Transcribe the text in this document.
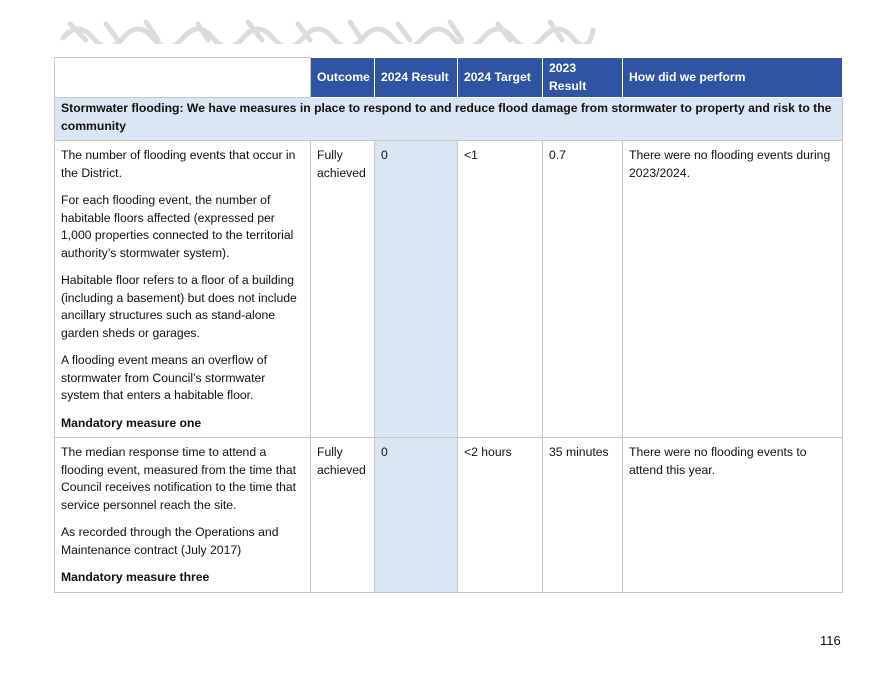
	Outcome	2024 Result	2024 Target	2023 Result	How did we perform
Stormwater flooding: We have measures in place to respond to and reduce flood damage from stormwater to property and risk to the community					

The number of flooding events that occur in the District.
For each flooding event, the number of habitable floors affected (expressed per 1,000 properties connected to the territorial authority’s stormwater system).
Habitable floor refers to a floor of a building (including a basement) but does not include ancillary structures such as stand-alone garden sheds or garages.
A flooding event means an overflow of stormwater from Council’s stormwater system that enters a habitable floor.
Mandatory measure one	Fully achieved	0	<1	0.7	There were no flooding events during 2023/2024.

The median response time to attend a flooding event, measured from the time that Council receives notification to the time that service personnel reach the site.
As recorded through the Operations and Maintenance contract (July 2017)
Mandatory measure three	Fully achieved	0	<2 hours	35 minutes	There were no flooding events to attend this year.
116
